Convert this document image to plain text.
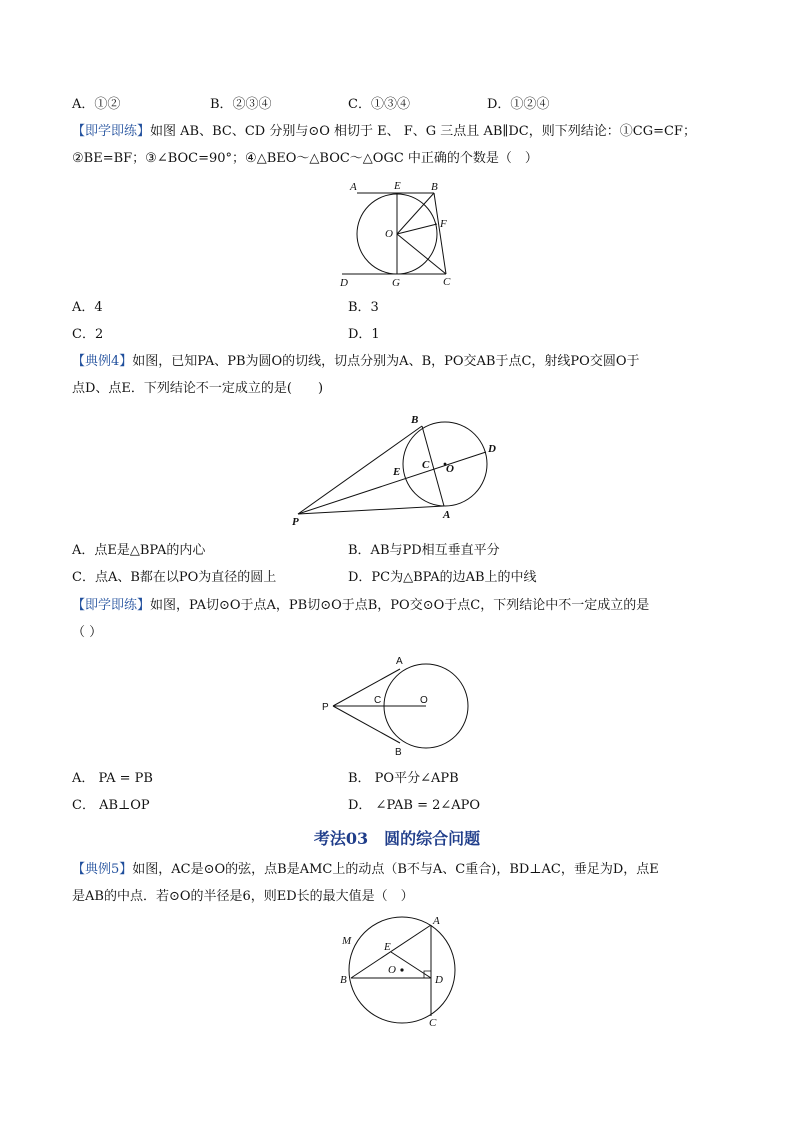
A．①②	B．②③④	C．①③④	D．①②④
【即学即练】如图 AB、BC、CD 分别与⊙O 相切于 E、 F、G 三点且 AB∥DC，则下列结论：①CG=CF；
②BE=BF；③∠BOC=90°；④△BEO～△BOC～△OGC 中正确的个数是（　）
A	E	B
O
F
D	G	C
A．4	B．3
C．2	D．1
【典例4】如图，已知PA、PB为圆O的切线，切点分别为A、B，PO交AB于点C，射线PO交圆O于
点D、点E．下列结论不一定成立的是(　　)
B
D
E
C O
P
A
A．点E是△BPA的内心	B．AB与PD相互垂直平分
C．点A、B都在以PO为直径的圆上	D．PC为△BPA的边AB上的中线
【即学即练】如图，PA切⊙O于点A，PB切⊙O于点B，PO交⊙O于点C，下列结论中不一定成立的是
（ ）
A
P
C	O
B
A． PA = PB	B． PO平分∠APB
C． AB⊥OP	D． ∠PAB = 2∠APO
考法03　圆的综合问题
【典例5】如图，AC是⊙O的弦，点B是AMC上的动点（B不与A、C重合)，BD⊥AC，垂足为D，点E
是AB的中点．若⊙O的半径是6，则ED长的最大值是（　）
M	E
A
O
B	D
C
